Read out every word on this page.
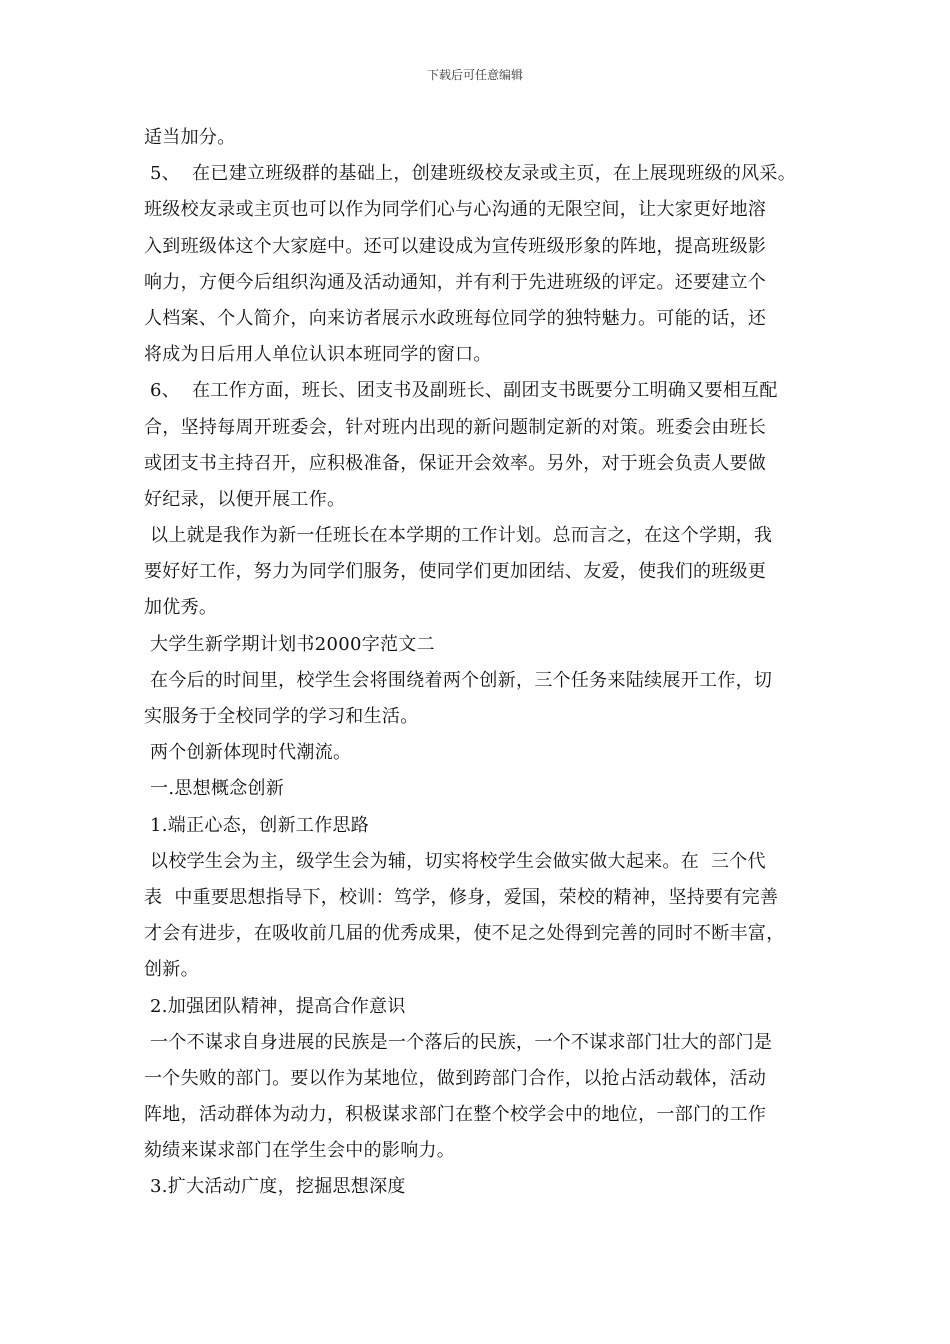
下载后可任意编辑
适当加分。
5、  在已建立班级群的基础上，创建班级校友录或主页，在上展现班级的风采。
班级校友录或主页也可以作为同学们心与心沟通的无限空间，让大家更好地溶
入到班级体这个大家庭中。还可以建设成为宣传班级形象的阵地，提高班级影
响力，方便今后组织沟通及活动通知，并有利于先进班级的评定。还要建立个
人档案、个人简介，向来访者展示水政班每位同学的独特魅力。可能的话，还
将成为日后用人单位认识本班同学的窗口。
6、  在工作方面，班长、团支书及副班长、副团支书既要分工明确又要相互配
合，坚持每周开班委会，针对班内出现的新问题制定新的对策。班委会由班长
或团支书主持召开，应积极准备，保证开会效率。另外，对于班会负责人要做
好纪录，以便开展工作。
以上就是我作为新一任班长在本学期的工作计划。总而言之，在这个学期，我
要好好工作，努力为同学们服务，使同学们更加团结、友爱，使我们的班级更
加优秀。
大学生新学期计划书2000字范文二
在今后的时间里，校学生会将围绕着两个创新，三个任务来陆续展开工作，切
实服务于全校同学的学习和生活。
两个创新体现时代潮流。
一.思想概念创新
1.端正心态，创新工作思路
以校学生会为主，级学生会为辅，切实将校学生会做实做大起来。在  三个代
表  中重要思想指导下，校训：笃学，修身，爱国，荣校的精神，坚持要有完善
才会有进步，在吸收前几届的优秀成果，使不足之处得到完善的同时不断丰富，
创新。
2.加强团队精神，提高合作意识
一个不谋求自身进展的民族是一个落后的民族，一个不谋求部门壮大的部门是
一个失败的部门。要以作为某地位，做到跨部门合作，以抢占活动载体，活动
阵地，活动群体为动力，积极谋求部门在整个校学会中的地位，一部门的工作
劾绩来谋求部门在学生会中的影响力。
3.扩大活动广度，挖掘思想深度
